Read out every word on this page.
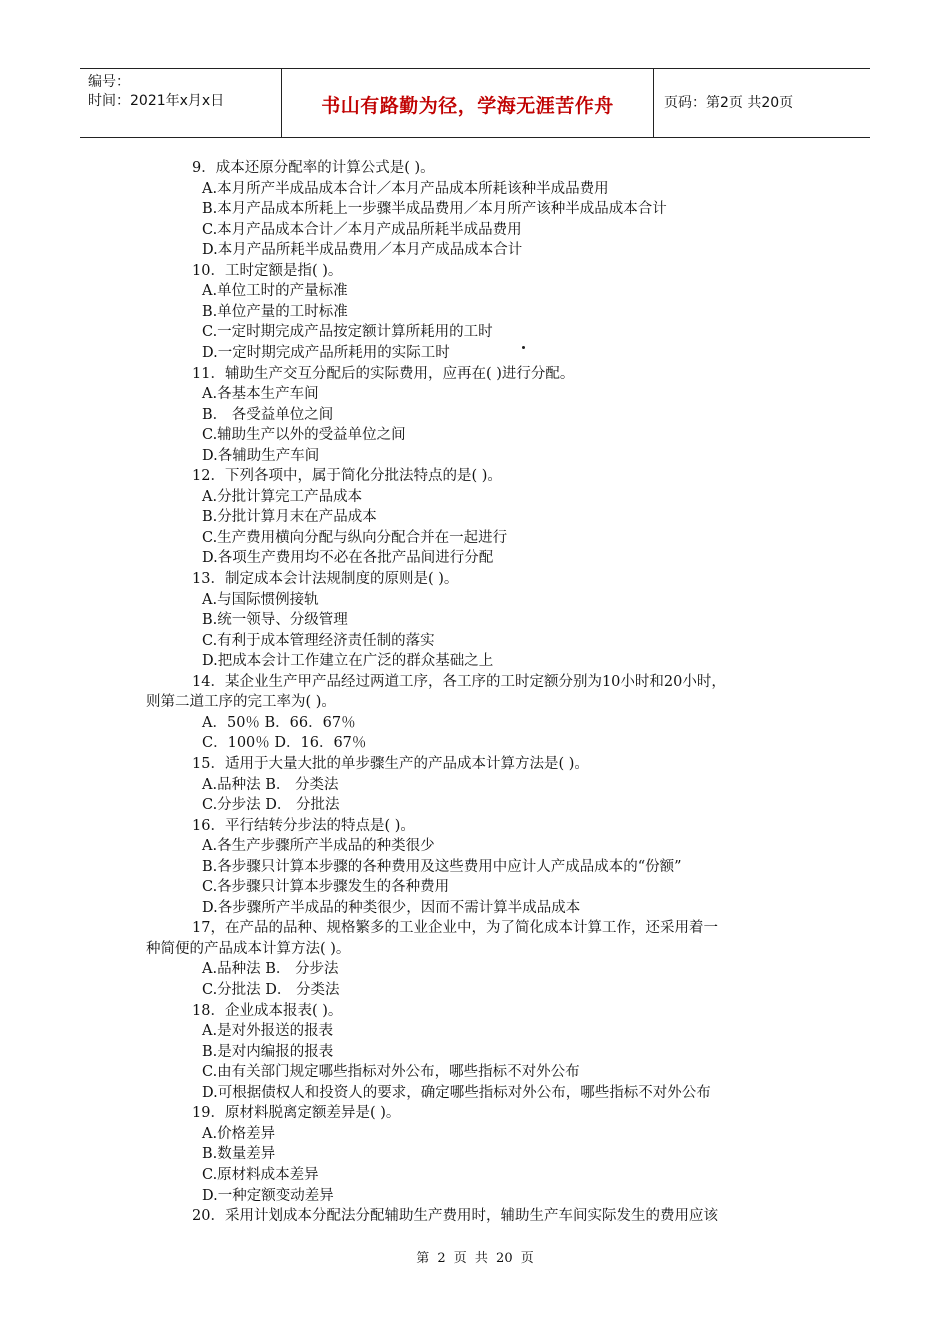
编号：
时间：2021年x月x日	书山有路勤为径，学海无涯苦作舟	页码：第2页 共20页
9．成本还原分配率的计算公式是( )。
A.本月所产半成品成本合计／本月产品成本所耗该种半成品费用
B.本月产品成本所耗上一步骤半成品费用／本月所产该种半成品成本合计
C.本月产品成本合计／本月产成品所耗半成品费用
D.本月产品所耗半成品费用／本月产成品成本合计
10．工时定额是指( )。
A.单位工时的产量标准
B.单位产量的工时标准
C.一定时期完成产品按定额计算所耗用的工时
D.一定时期完成产品所耗用的实际工时
11．辅助生产交互分配后的实际费用，应再在( )进行分配。
A.各基本生产车间
B． 各受益单位之间
C.辅助生产以外的受益单位之间
D.各辅助生产车间
12．下列各项中，属于简化分批法特点的是( )。
A.分批计算完工产品成本
B.分批计算月末在产品成本
C.生产费用横向分配与纵向分配合并在一起进行
D.各项生产费用均不必在各批产品间进行分配
13．制定成本会计法规制度的原则是( )。
A.与国际惯例接轨
B.统一领导、分级管理
C.有利于成本管理经济责任制的落实
D.把成本会计工作建立在广泛的群众基础之上
14．某企业生产甲产品经过两道工序，各工序的工时定额分别为10小时和20小时，
则第二道工序的完工率为( )。
A．50％ B．66．67％
C．100％ D．16．67％
15．适用于大量大批的单步骤生产的产品成本计算方法是( )。
A.品种法 B． 分类法
C.分步法 D． 分批法
16．平行结转分步法的特点是( )。
A.各生产步骤所产半成品的种类很少
B.各步骤只计算本步骤的各种费用及这些费用中应计人产成品成本的“份额”
C.各步骤只计算本步骤发生的各种费用
D.各步骤所产半成品的种类很少，因而不需计算半成品成本
17，在产品的品种、规格繁多的工业企业中，为了简化成本计算工作，还采用着一
种简便的产品成本计算方法( )。
A.品种法 B． 分步法
C.分批法 D． 分类法
18．企业成本报表( )。
A.是对外报送的报表
B.是对内编报的报表
C.由有关部门规定哪些指标对外公布，哪些指标不对外公布
D.可根据债权人和投资人的要求，确定哪些指标对外公布，哪些指标不对外公布
19．原材料脱离定额差异是( )。
A.价格差异
B.数量差异
C.原材料成本差异
D.一种定额变动差异
20．采用计划成本分配法分配辅助生产费用时，辅助生产车间实际发生的费用应该
第 2 页 共 20 页
